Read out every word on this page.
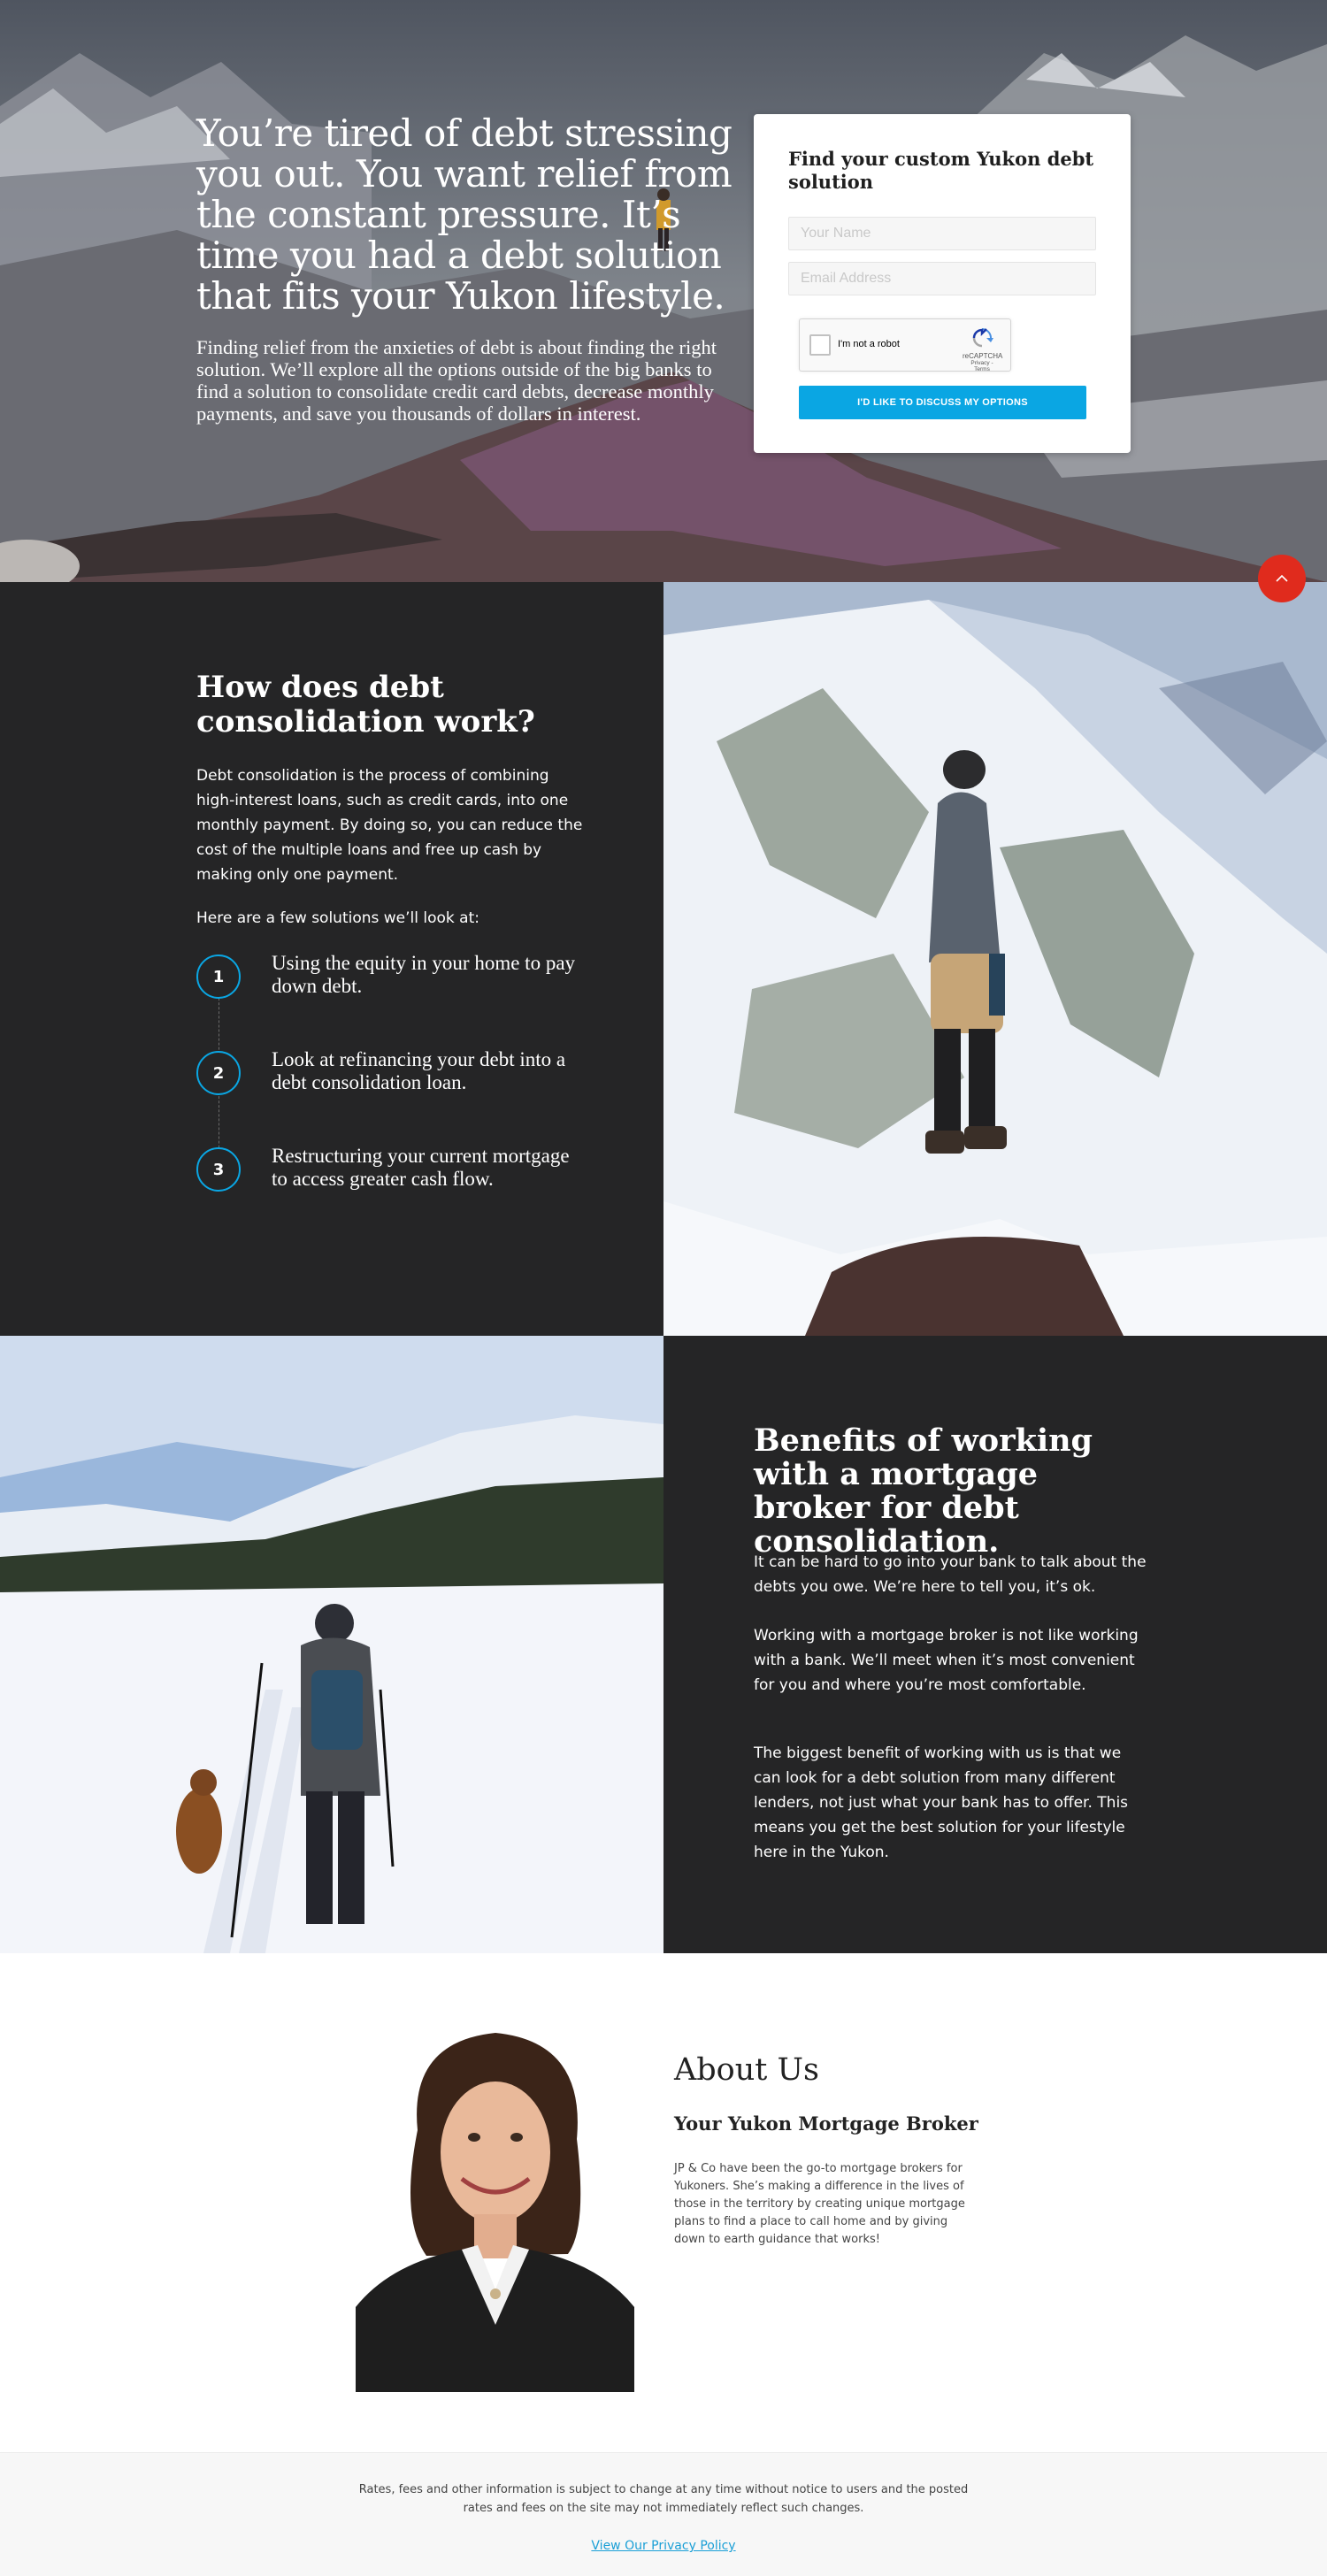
You’re tired of debt stressing you out. You want relief from the constant pressure. It’s time you had a debt solution that fits your Yukon lifestyle.

Finding relief from the anxieties of debt is about finding the right solution. We’ll explore all the options outside of the big banks to find a solution to consolidate credit card debts, decrease monthly payments, and save you thousands of dollars in interest.

Find your custom Yukon debt solution
Your Name
Email Address
I'm not a robot
reCAPTCHA
Privacy - Terms
I'D LIKE TO DISCUSS MY OPTIONS
How does debt consolidation work?

Debt consolidation is the process of combining high-interest loans, such as credit cards, into one monthly payment. By doing so, you can reduce the cost of the multiple loans and free up cash by making only one payment.

Here are a few solutions we’ll look at:

1

Using the equity in your home to pay down debt.

2

Look at refinancing your debt into a debt consolidation loan.

3

Restructuring your current mortgage to access greater cash flow.

Benefits of working with a mortgage broker for debt consolidation.

It can be hard to go into your bank to talk about the debts you owe. We’re here to tell you, it’s ok.

Working with a mortgage broker is not like working with a bank. We’ll meet when it’s most convenient for you and where you’re most comfortable.

The biggest benefit of working with us is that we can look for a debt solution from many different lenders, not just what your bank has to offer. This means you get the best solution for your lifestyle here in the Yukon.

About Us
Your Yukon Mortgage Broker

JP & Co have been the go-to mortgage brokers for Yukoners. She’s making a difference in the lives of those in the territory by creating unique mortgage plans to find a place to call home and by giving down to earth guidance that works!

Rates, fees and other information is subject to change at any time without notice to users and the posted rates and fees on the site may not immediately reflect such changes.

View Our Privacy Policy
